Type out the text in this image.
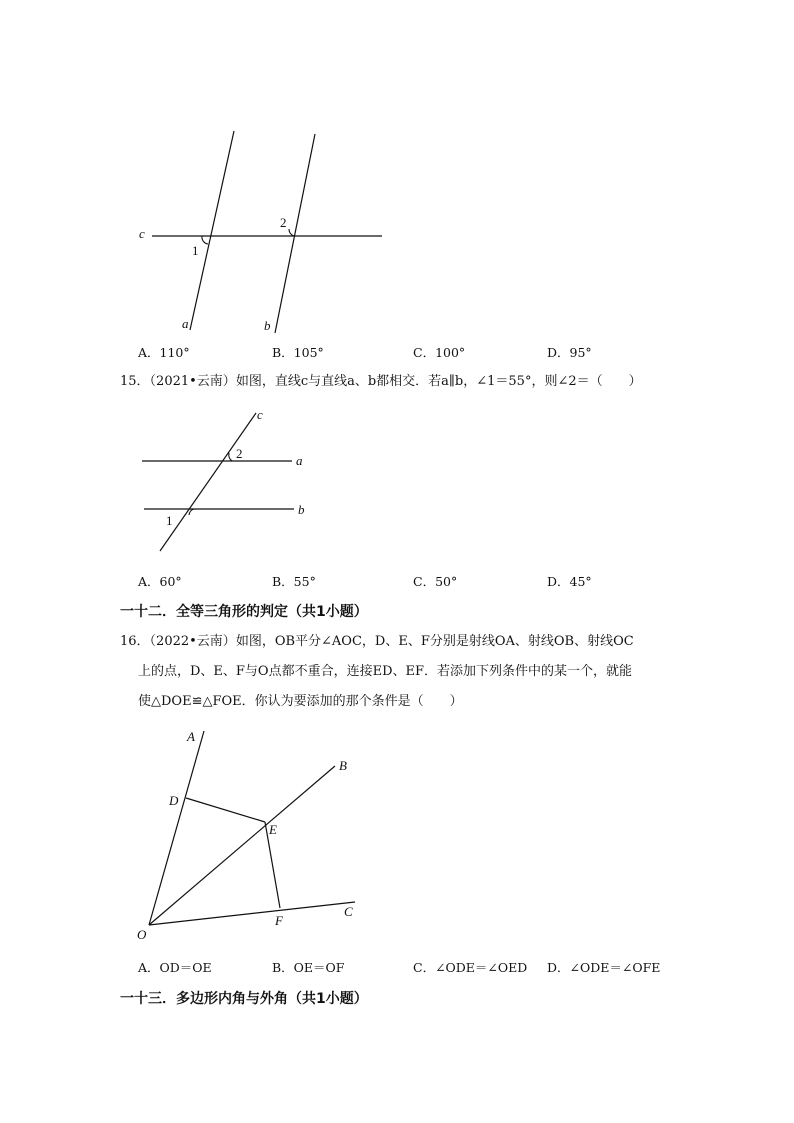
c
1
2
a	b
A．110°	B．105°	C．100°	D．95°
15．（2021•云南）如图，直线c与直线a、b都相交．若a∥b，∠1＝55°，则∠2＝（　　）
c
2	a
b
1
A．60°	B．55°	C．50°	D．45°
一十二．全等三角形的判定（共1小题）
16．（2022•云南）如图，OB平分∠AOC，D、E、F分别是射线OA、射线OB、射线OC
上的点，D、E、F与O点都不重合，连接ED、EF．若添加下列条件中的某一个，就能
使△DOE≌△FOE．你认为要添加的那个条件是（　　）
A
B
D
E
F
C
O
A．OD＝OE	B．OE＝OF	C．∠ODE＝∠OED D．∠ODE＝∠OFE
一十三．多边形内角与外角（共1小题）
